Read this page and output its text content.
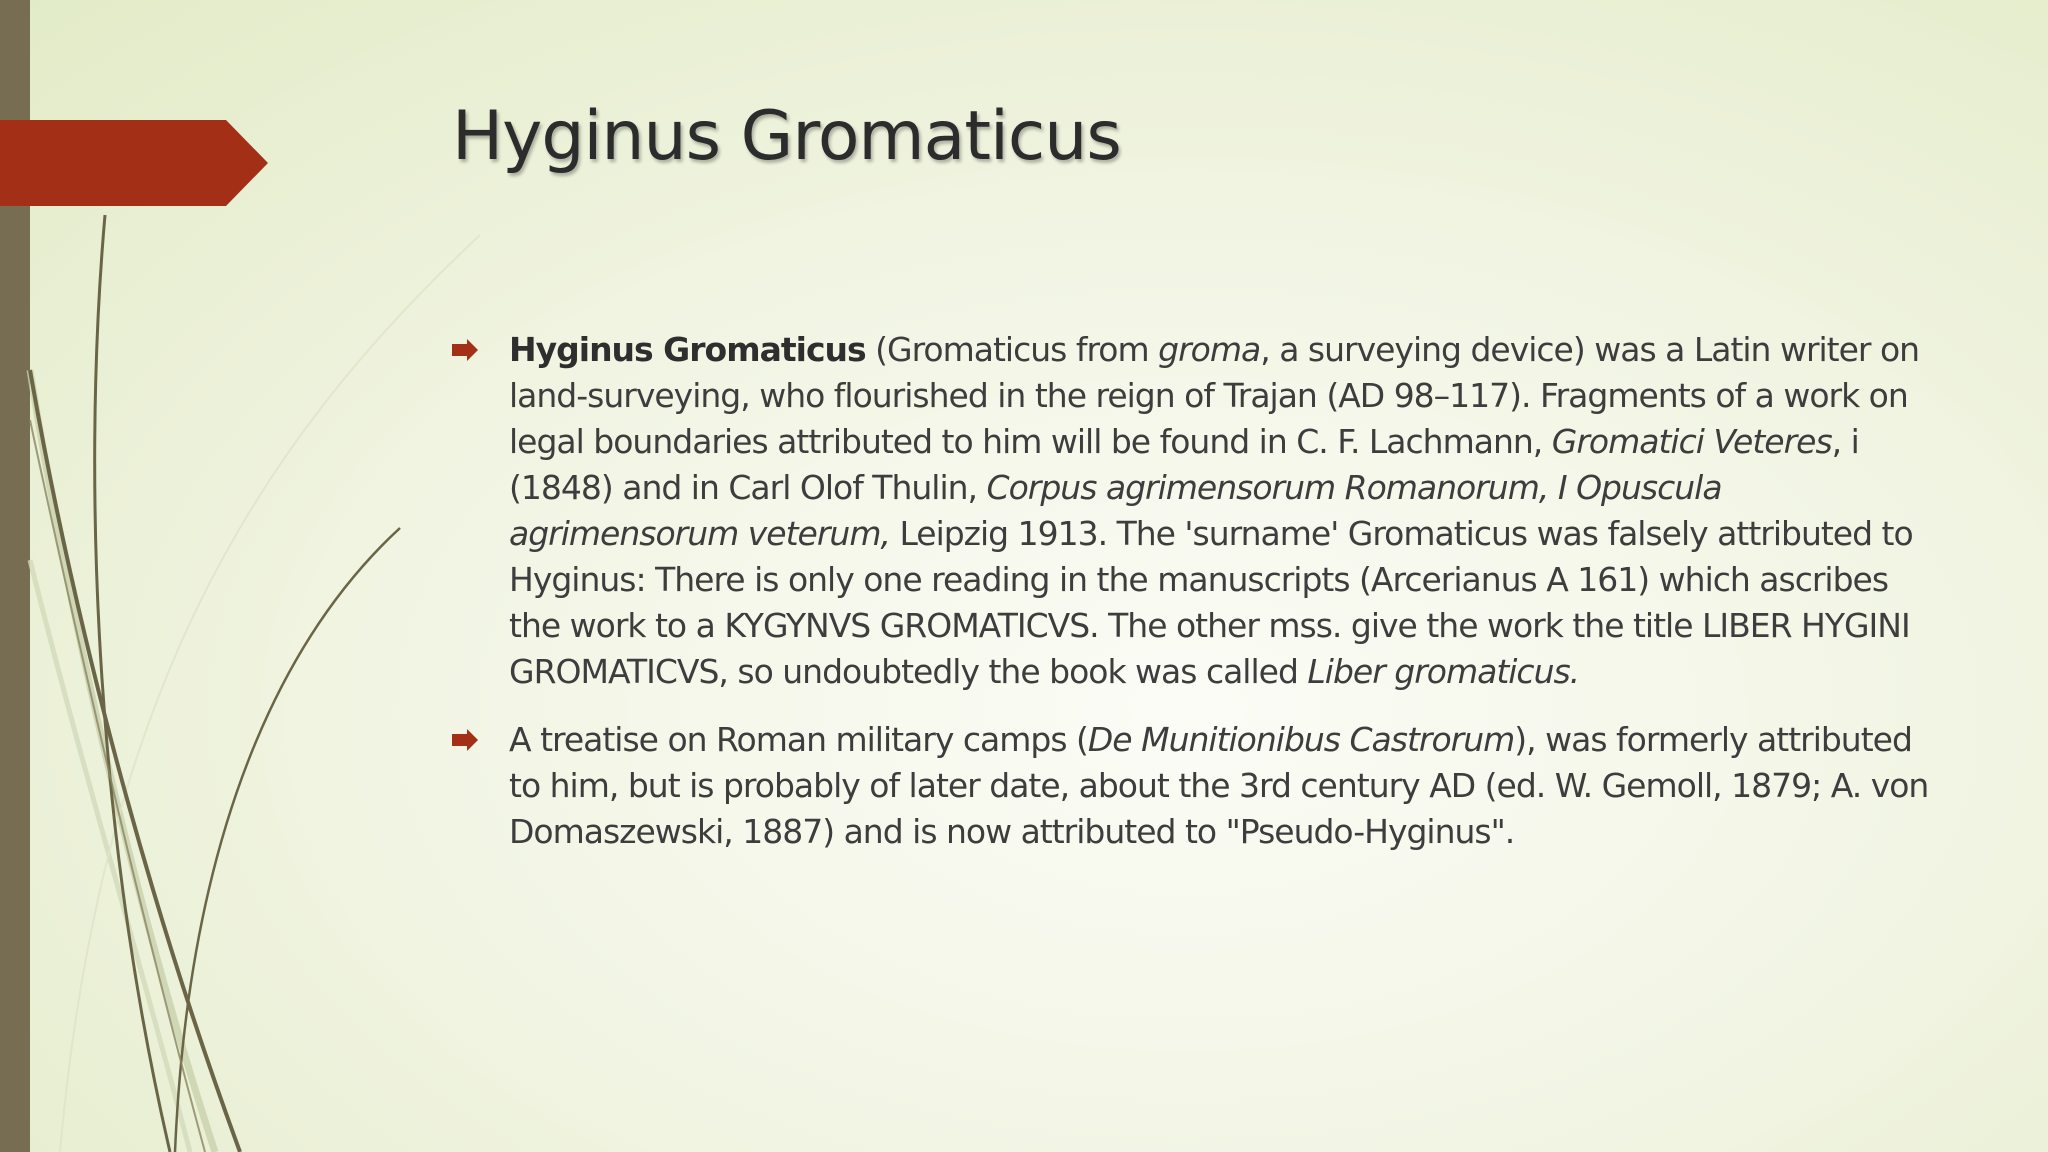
Hyginus Gromaticus
Hyginus Gromaticus (Gromaticus from groma, a surveying device) was a Latin writer on land-surveying, who flourished in the reign of Trajan (AD 98–117). Fragments of a work on legal boundaries attributed to him will be found in C. F. Lachmann, Gromatici Veteres, i (1848) and in Carl Olof Thulin, Corpus agrimensorum Romanorum, I Opuscula agrimensorum veterum, Leipzig 1913. The 'surname' Gromaticus was falsely attributed to Hyginus: There is only one reading in the manuscripts (Arcerianus A 161) which ascribes the work to a KYGYNVS GROMATICVS. The other mss. give the work the title LIBER HYGINI GROMATICVS, so undoubtedly the book was called Liber gromaticus.
A treatise on Roman military camps (De Munitionibus Castrorum), was formerly attributed to him, but is probably of later date, about the 3rd century AD (ed. W. Gemoll, 1879; A. von Domaszewski, 1887) and is now attributed to "Pseudo-Hyginus".
